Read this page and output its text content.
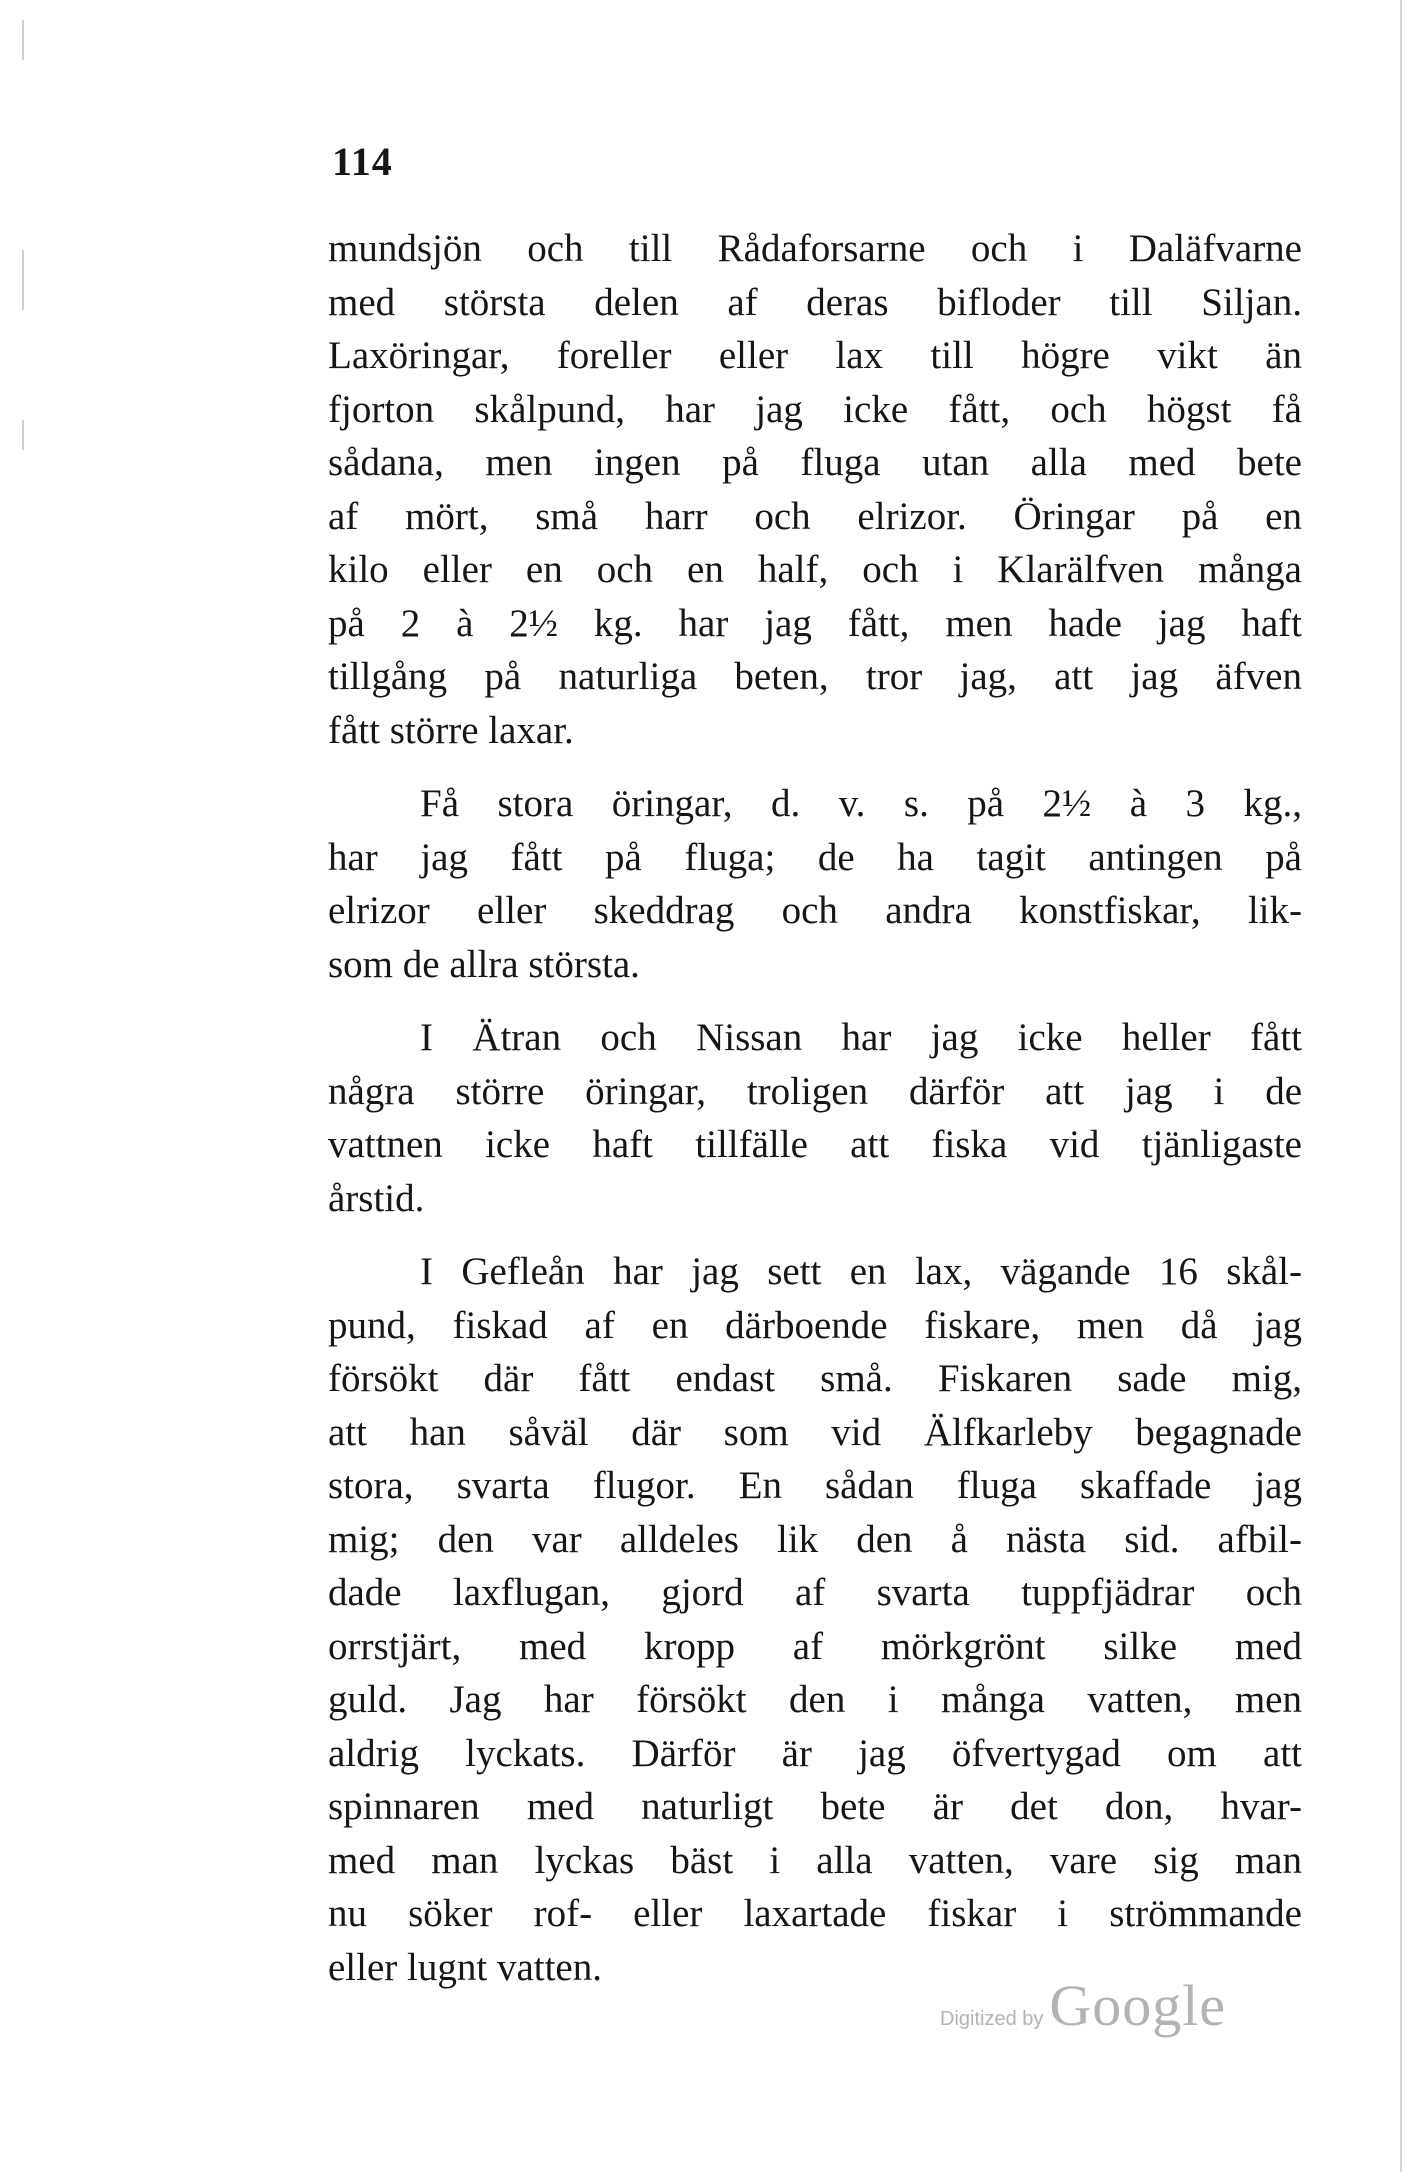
114
mundsjön och till Rådaforsarne och i Daläfvarne
med största delen af deras bifloder till Siljan.
Laxöringar, foreller eller lax till högre vikt än
fjorton skålpund, har jag icke fått, och högst få
sådana, men ingen på fluga utan alla med bete
af mört, små harr och elrizor. Öringar på en
kilo eller en och en half, och i Klarälfven många
på 2 à 2½ kg. har jag fått, men hade jag haft
tillgång på naturliga beten, tror jag, att jag äfven
fått större laxar.
Få stora öringar, d. v. s. på 2½ à 3 kg.,
har jag fått på fluga; de ha tagit antingen på
elrizor eller skeddrag och andra konstfiskar, lik-
som de allra största.
I Ätran och Nissan har jag icke heller fått
några större öringar, troligen därför att jag i de
vattnen icke haft tillfälle att fiska vid tjänligaste
årstid.
I Gefleån har jag sett en lax, vägande 16 skål-
pund, fiskad af en därboende fiskare, men då jag
försökt där fått endast små. Fiskaren sade mig,
att han såväl där som vid Älfkarleby begagnade
stora, svarta flugor. En sådan fluga skaffade jag
mig; den var alldeles lik den å nästa sid. afbil-
dade laxflugan, gjord af svarta tuppfjädrar och
orrstjärt, med kropp af mörkgrönt silke med
guld. Jag har försökt den i många vatten, men
aldrig lyckats. Därför är jag öfvertygad om att
spinnaren med naturligt bete är det don, hvar-
med man lyckas bäst i alla vatten, vare sig man
nu söker rof- eller laxartade fiskar i strömmande
eller lugnt vatten.
Digitized by Google
